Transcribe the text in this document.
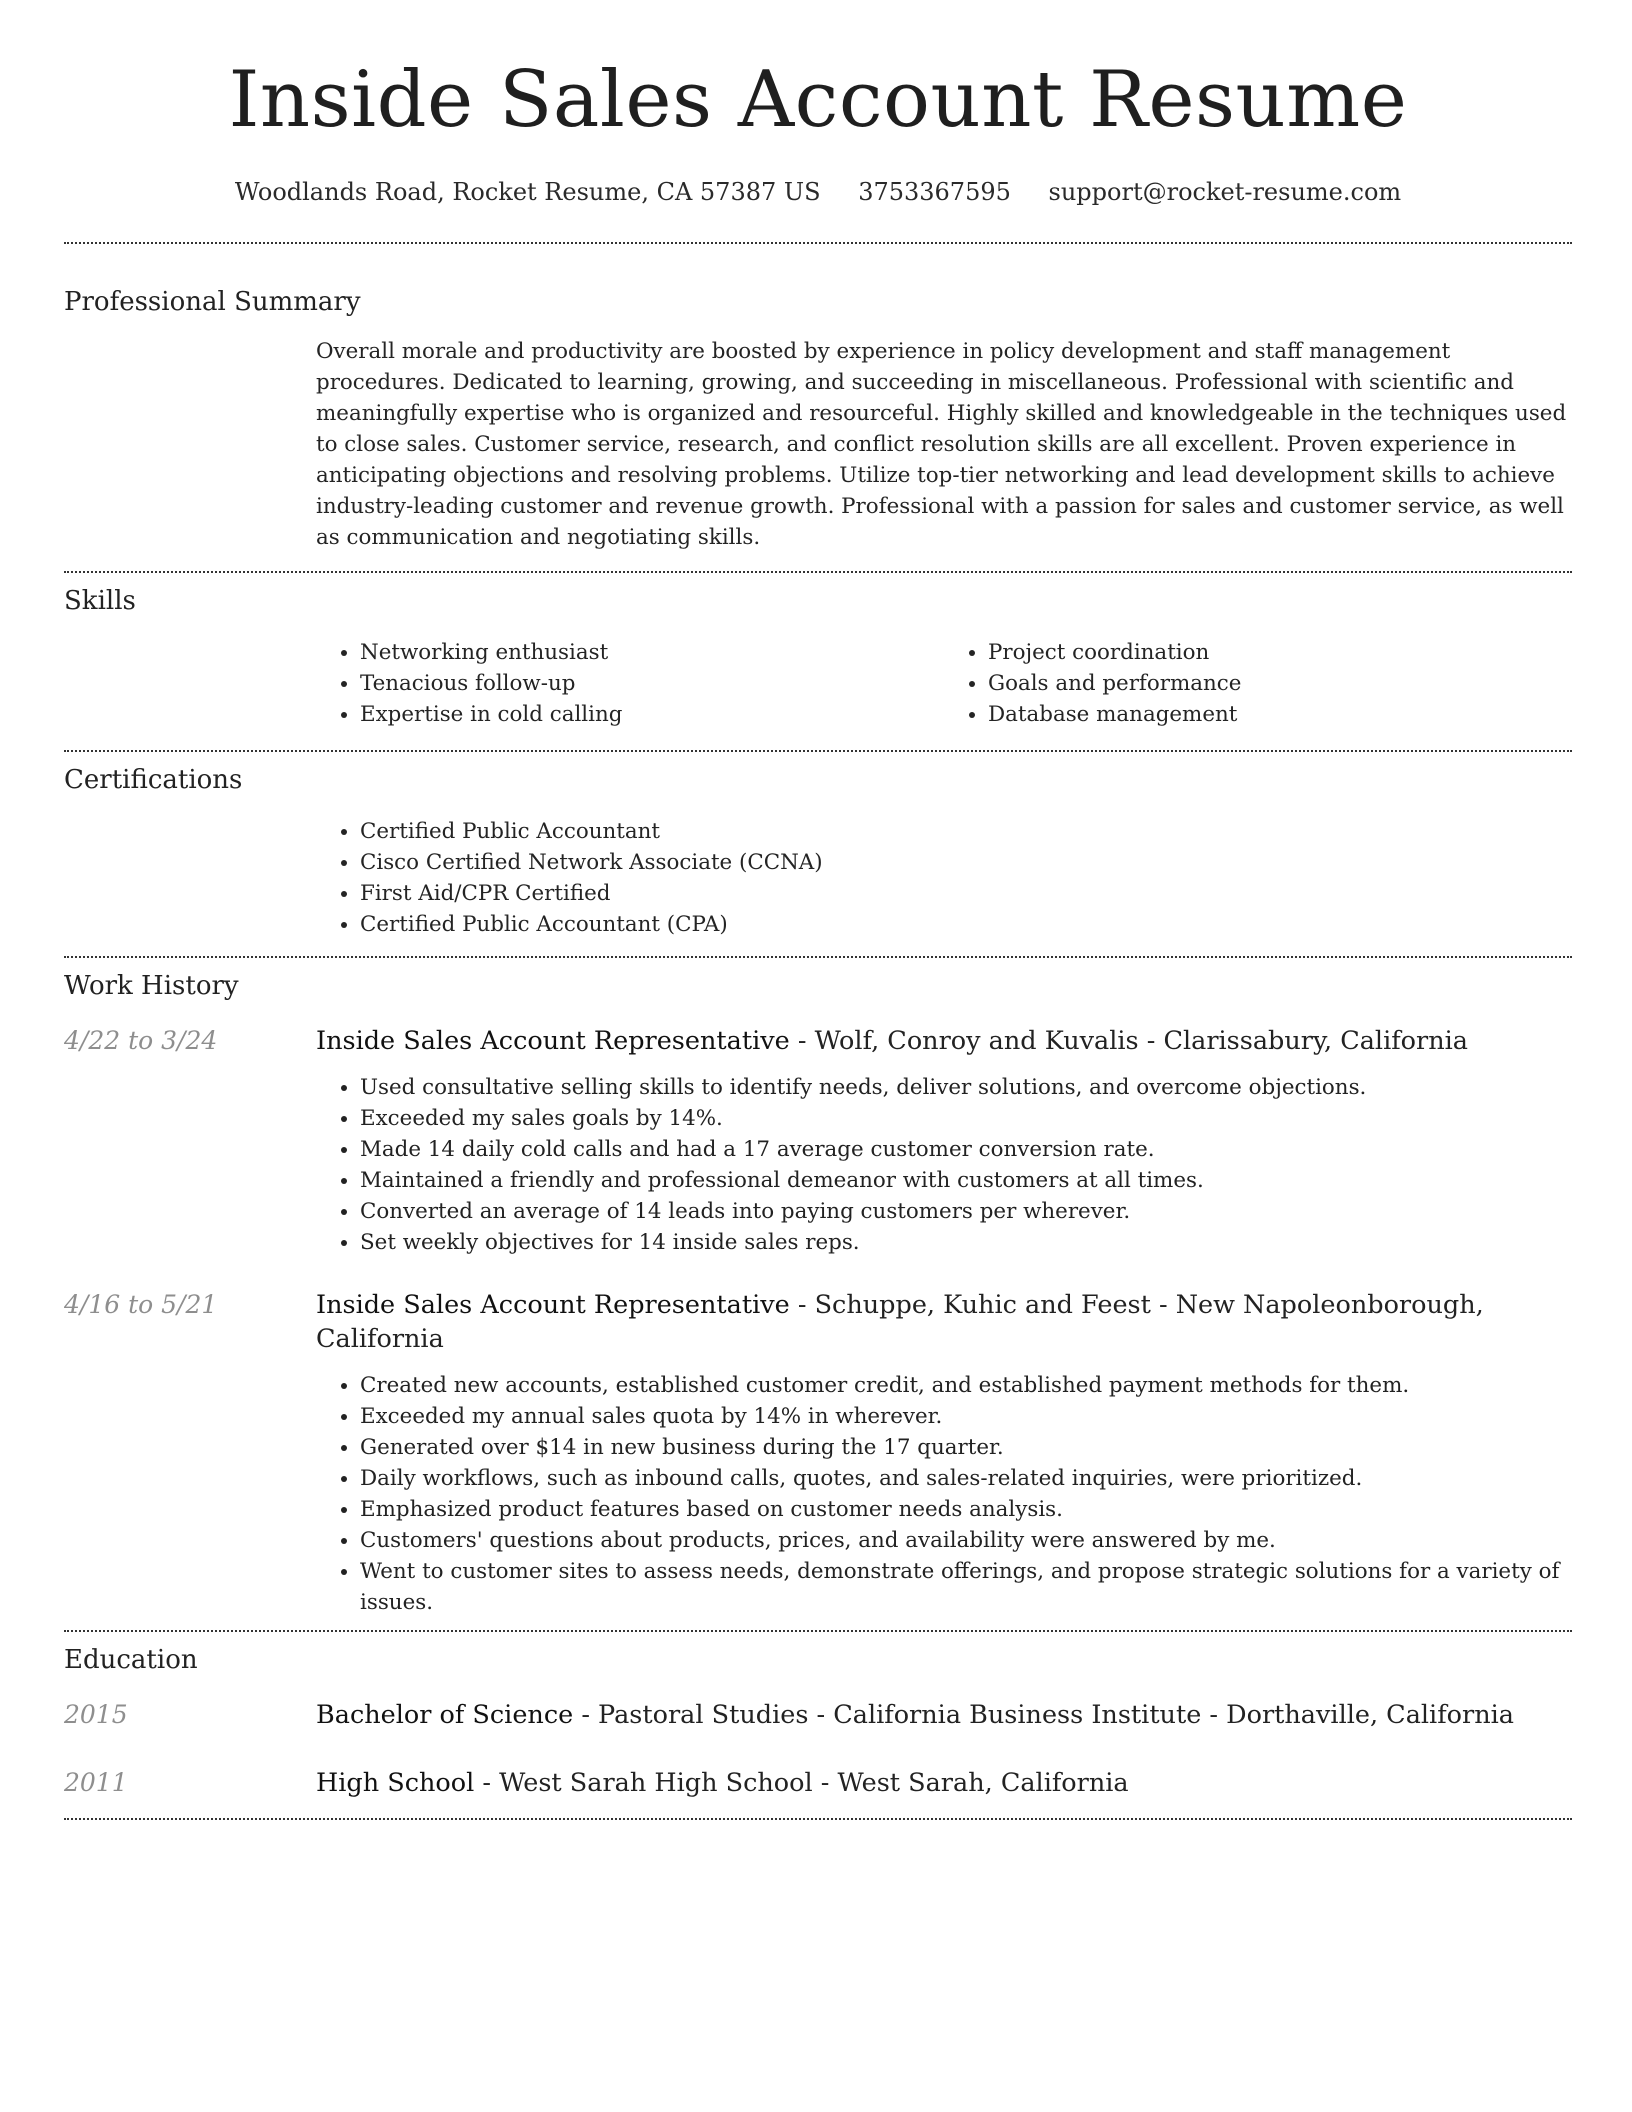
Inside Sales Account Resume
Woodlands Road, Rocket Resume, CA 57387 US 3753367595 support@rocket-resume.com
Professional Summary

Overall morale and productivity are boosted by experience in policy development and staff management procedures. Dedicated to learning, growing, and succeeding in miscellaneous. Professional with scientific and meaningfully expertise who is organized and resourceful. Highly skilled and knowledgeable in the techniques used to close sales. Customer service, research, and conflict resolution skills are all excellent. Proven experience in anticipating objections and resolving problems. Utilize top-tier networking and lead development skills to achieve industry-leading customer and revenue growth. Professional with a passion for sales and customer service, as well as communication and negotiating skills.

Skills
• Networking enthusiast
• Tenacious follow-up
• Expertise in cold calling
• Project coordination
• Goals and performance
• Database management
Certifications
• Certified Public Accountant
• Cisco Certified Network Associate (CCNA)
• First Aid/CPR Certified
• Certified Public Accountant (CPA)
Work History
4/22 to 3/24	Inside Sales Account Representative - Wolf, Conroy and Kuvalis - Clarissabury, California
• Used consultative selling skills to identify needs, deliver solutions, and overcome objections.
• Exceeded my sales goals by 14%.
• Made 14 daily cold calls and had a 17 average customer conversion rate.
• Maintained a friendly and professional demeanor with customers at all times.
• Converted an average of 14 leads into paying customers per wherever.
• Set weekly objectives for 14 inside sales reps.
4/16 to 5/21	Inside Sales Account Representative - Schuppe, Kuhic and Feest - New Napoleonborough, California
• Created new accounts, established customer credit, and established payment methods for them.
• Exceeded my annual sales quota by 14% in wherever.
• Generated over $14 in new business during the 17 quarter.
• Daily workflows, such as inbound calls, quotes, and sales-related inquiries, were prioritized.
• Emphasized product features based on customer needs analysis.
• Customers' questions about products, prices, and availability were answered by me.
• Went to customer sites to assess needs, demonstrate offerings, and propose strategic solutions for a variety of issues.
Education
2015	Bachelor of Science - Pastoral Studies - California Business Institute - Dorthaville, California
2011	High School - West Sarah High School - West Sarah, California
